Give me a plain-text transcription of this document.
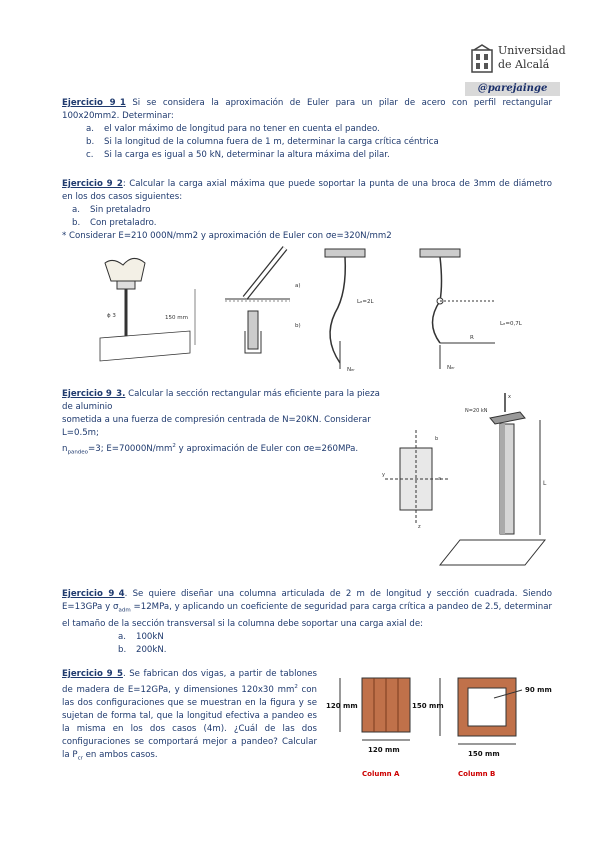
Universidad
de Alcalá
@parejainge

Ejercicio 9_1 Si se considera la aproximación de Euler para un pilar de acero con perfil rectangular 100x20mm2. Determinar:

a. el valor máximo de longitud para no tener en cuenta el pandeo.
b. Si la longitud de la columna fuera de 1 m, determinar la carga crítica céntrica
c. Si la carga es igual a 50 kN, determinar la altura máxima del pilar.

Ejercicio 9_2: Calcular la carga axial máxima que puede soportar la punta de una broca de 3mm de diámetro en los dos casos siguientes:

a. Sin pretaladro
b. Con pretaladro.

* Considerar E=210 000N/mm2 y aproximación de Euler con σe=320N/mm2

150 mm
ϕ 3
a)
b)
Lₑ=2L
Nₑᵣ
Lₑ=0,7L
R
Nₑᵣ

Ejercicio 9_3. Calcular la sección rectangular más eficiente para la pieza de aluminio

sometida a una fuerza de compresión centrada de N=20KN. Considerar L=0.5m;

$n_{pandeo}=3$; $E=70000N/mm^2$ y aproximación de Euler con σe=260MPa.

y
z
b
a
x
N=20 kN
L

Ejercicio 9_4. Se quiere diseñar una columna articulada de 2 m de longitud y sección cuadrada. Siendo E=13GPa y $\sigma_{adm} =12MPa$, y aplicando un coeficiente de seguridad para carga crítica a pandeo de 2.5, determinar el tamaño de la sección transversal si la columna debe soportar una carga axial de:

a. 100kN
b. 200kN.

Ejercicio 9_5. Se fabrican dos vigas, a partir de tablones de madera de E=12GPa, y dimensiones 120x30 $mm^2$ con las dos configuraciones que se muestran en la figura y se sujetan de forma tal, que la longitud efectiva a pandeo es la misma en los dos casos (4m). ¿Cuál de las dos configuraciones se comportará mejor a pandeo? Calcular la $P_{cr}$ en ambos casos.

120 mm
120 mm
Column A
150 mm
150 mm
90 mm
Column B
